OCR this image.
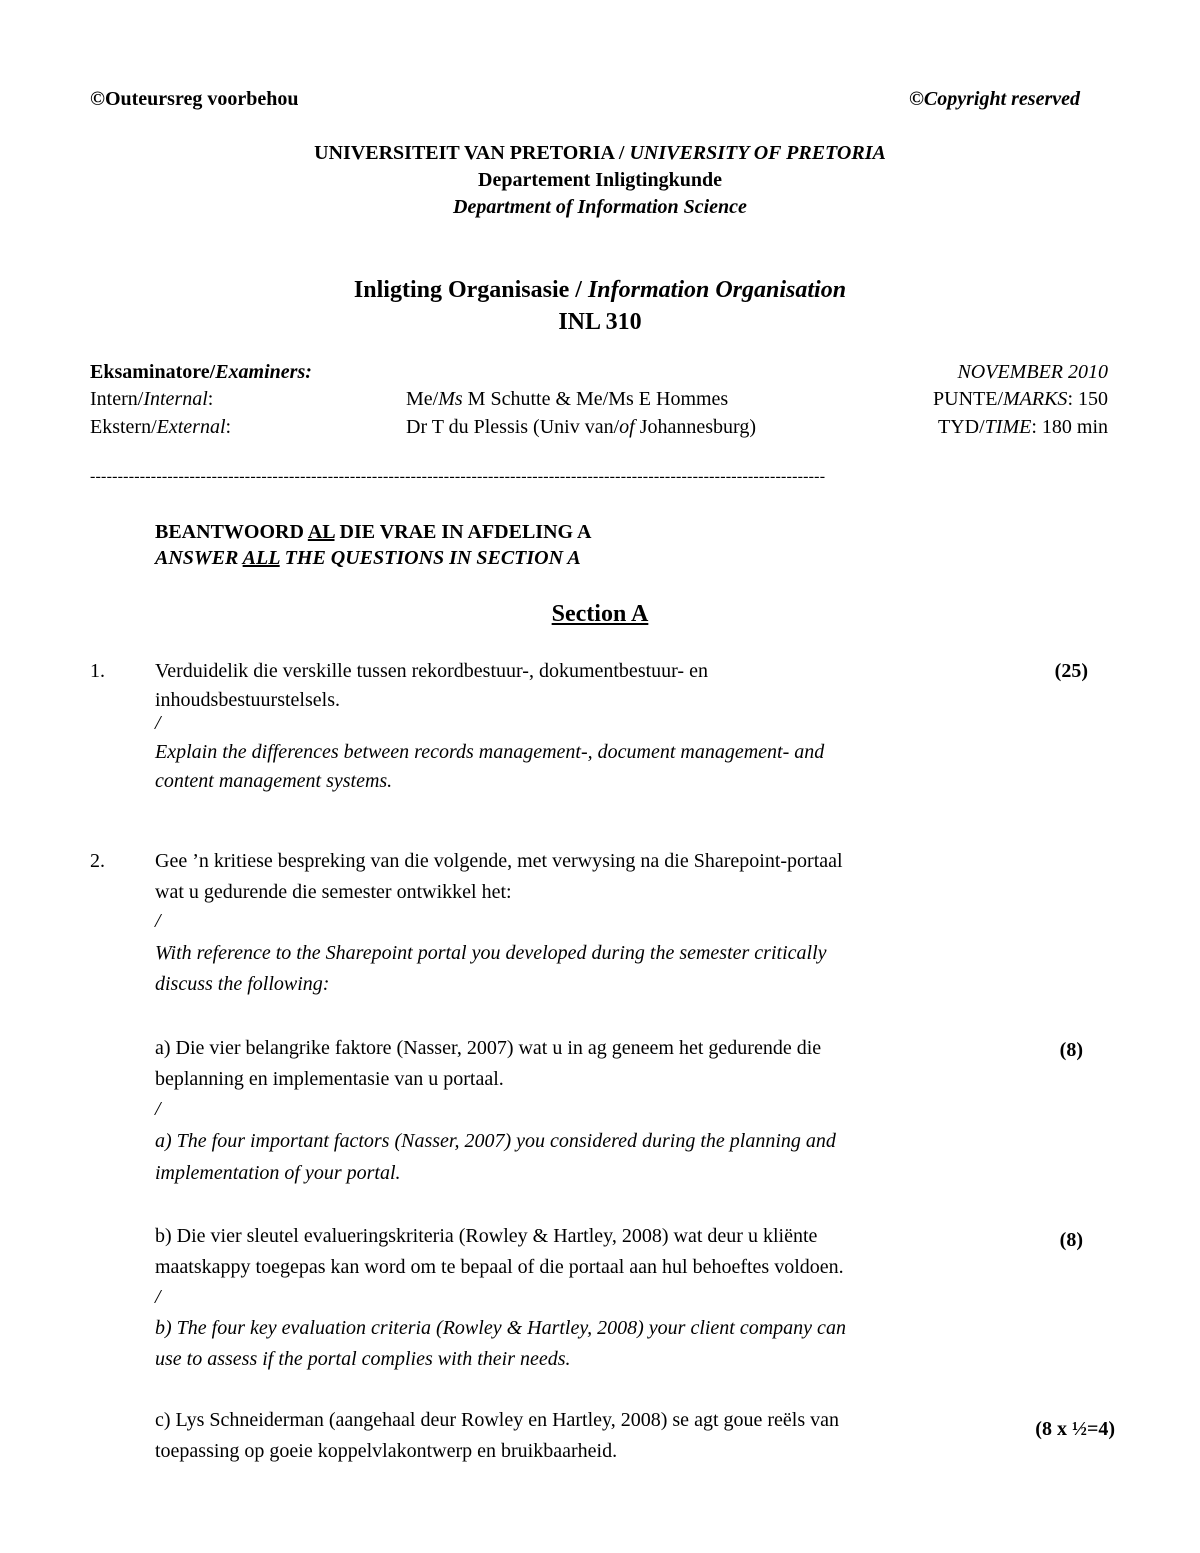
©Outeursreg voorbehou	©Copyright reserved
UNIVERSITEIT VAN PRETORIA / UNIVERSITY OF PRETORIA
Departement Inligtingkunde
Department of Information Science
Inligting Organisasie / Information Organisation
INL 310
Eksaminatore/Examiners:	NOVEMBER 2010
Intern/Internal:	Me/Ms M Schutte & Me/Ms E Hommes	PUNTE/MARKS: 150
Ekstern/External:	Dr T du Plessis (Univ van/of Johannesburg)	TYD/TIME: 180 min
-------------------------------------------------------------------------------------------------------------------------------------
BEANTWOORD AL DIE VRAE IN AFDELING A
ANSWER ALL THE QUESTIONS IN SECTION A
Section A
1.	Verduidelik die verskille tussen rekordbestuur-, dokumentbestuur- en
inhoudsbestuurstelsels.
/
Explain the differences between records management-, document management- and
content management systems.
(25)
2.	Gee ’n kritiese bespreking van die volgende, met verwysing na die Sharepoint-portaal
wat u gedurende die semester ontwikkel het:
/
With reference to the Sharepoint portal you developed during the semester critically
discuss the following:
a) Die vier belangrike faktore (Nasser, 2007) wat u in ag geneem het gedurende die
beplanning en implementasie van u portaal.
/
a) The four important factors (Nasser, 2007) you considered during the planning and
implementation of your portal.
(8)
b) Die vier sleutel evalueringskriteria (Rowley & Hartley, 2008) wat deur u kliënte
maatskappy toegepas kan word om te bepaal of die portaal aan hul behoeftes voldoen.
/
b) The four key evaluation criteria (Rowley & Hartley, 2008) your client company can
use to assess if the portal complies with their needs.
(8)
c) Lys Schneiderman (aangehaal deur Rowley en Hartley, 2008) se agt goue reëls van
toepassing op goeie koppelvlakontwerp en bruikbaarheid.
(8 x ½=4)
